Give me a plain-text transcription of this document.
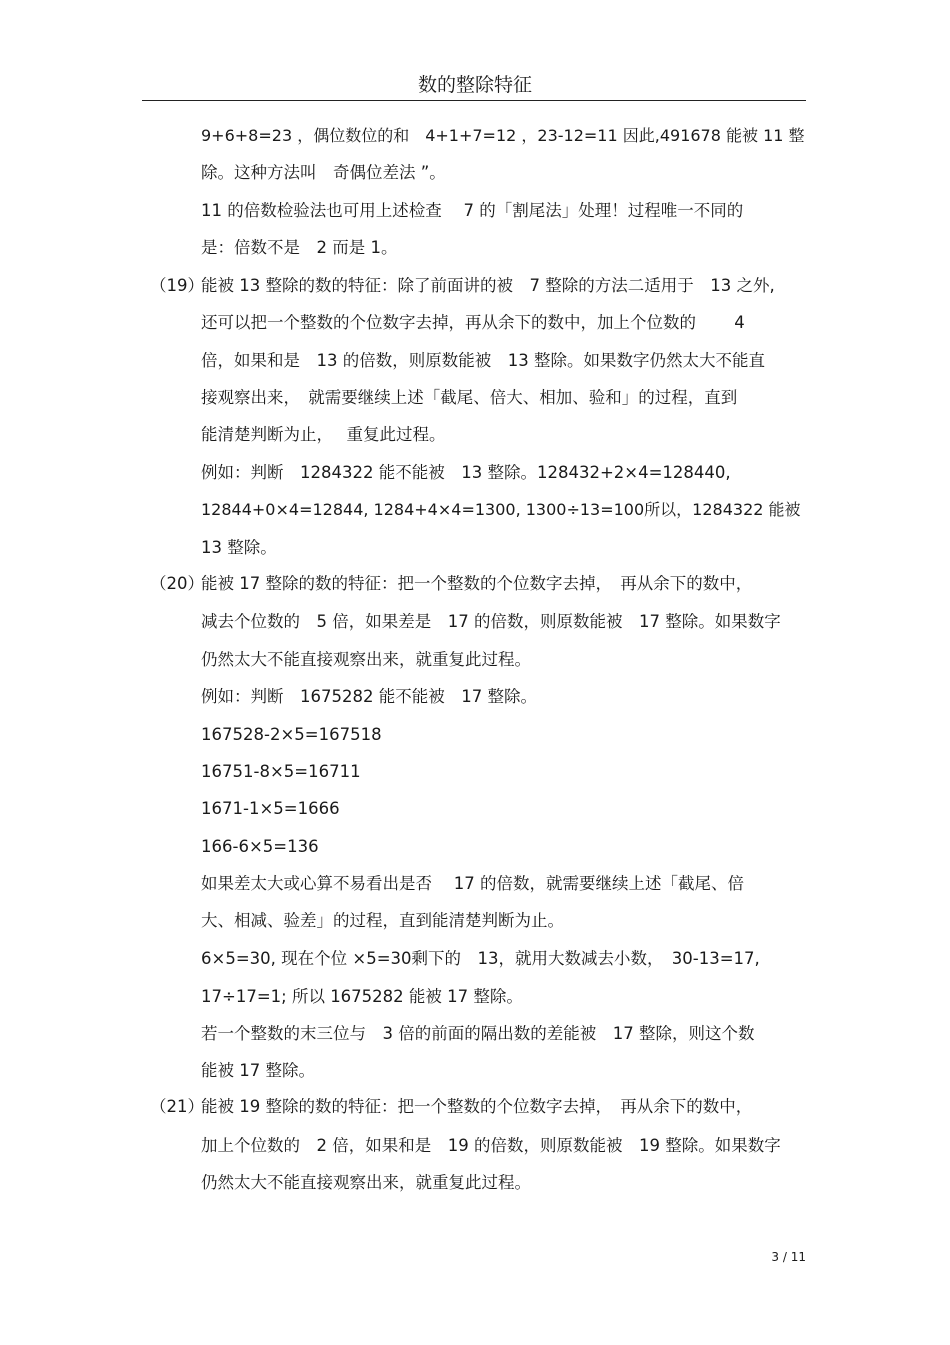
数的整除特征
（19）
（20）
（21）
9+6+8=23 ，偶位数位的和　4+1+7=12 ，23-12=11 因此,491678 能被 11 整
除。这种方法叫　奇偶位差法 ”。
11 的倍数检验法也可用上述检查　 7 的「割尾法」处理！过程唯一不同的
是：倍数不是　2 而是 1。
能被 13 整除的数的特征：除了前面讲的被　7 整除的方法二适用于　13 之外,
还可以把一个整数的个位数字去掉，再从余下的数中，加上个位数的　　 4
倍，如果和是　13 的倍数，则原数能被　13 整除。如果数字仍然太大不能直
接观察出来，　就需要继续上述「截尾、倍大、相加、验和」的过程，直到
能清楚判断为止，　 重复此过程。
例如：判断　1284322 能不能被　13 整除。128432+2×4=128440,
12844+0×4=12844, 1284+4×4=1300, 1300÷13=100所以，1284322 能被
13 整除。
能被 17 整除的数的特征：把一个整数的个位数字去掉，　再从余下的数中，
减去个位数的　5 倍，如果差是　17 的倍数，则原数能被　17 整除。如果数字
仍然太大不能直接观察出来，就重复此过程。
例如：判断　1675282 能不能被　17 整除。
167528-2×5=167518
16751-8×5=16711
1671-1×5=1666
166-6×5=136
如果差太大或心算不易看出是否　 17 的倍数，就需要继续上述「截尾、倍
大、相减、验差」的过程，直到能清楚判断为止。
6×5=30, 现在个位 ×5=30剩下的　13，就用大数减去小数，　30-13=17,
17÷17=1; 所以 1675282 能被 17 整除。
若一个整数的末三位与　3 倍的前面的隔出数的差能被　17 整除，则这个数
能被 17 整除。
能被 19 整除的数的特征：把一个整数的个位数字去掉，　再从余下的数中，
加上个位数的　2 倍，如果和是　19 的倍数，则原数能被　19 整除。如果数字
仍然太大不能直接观察出来，就重复此过程。
3 / 11
